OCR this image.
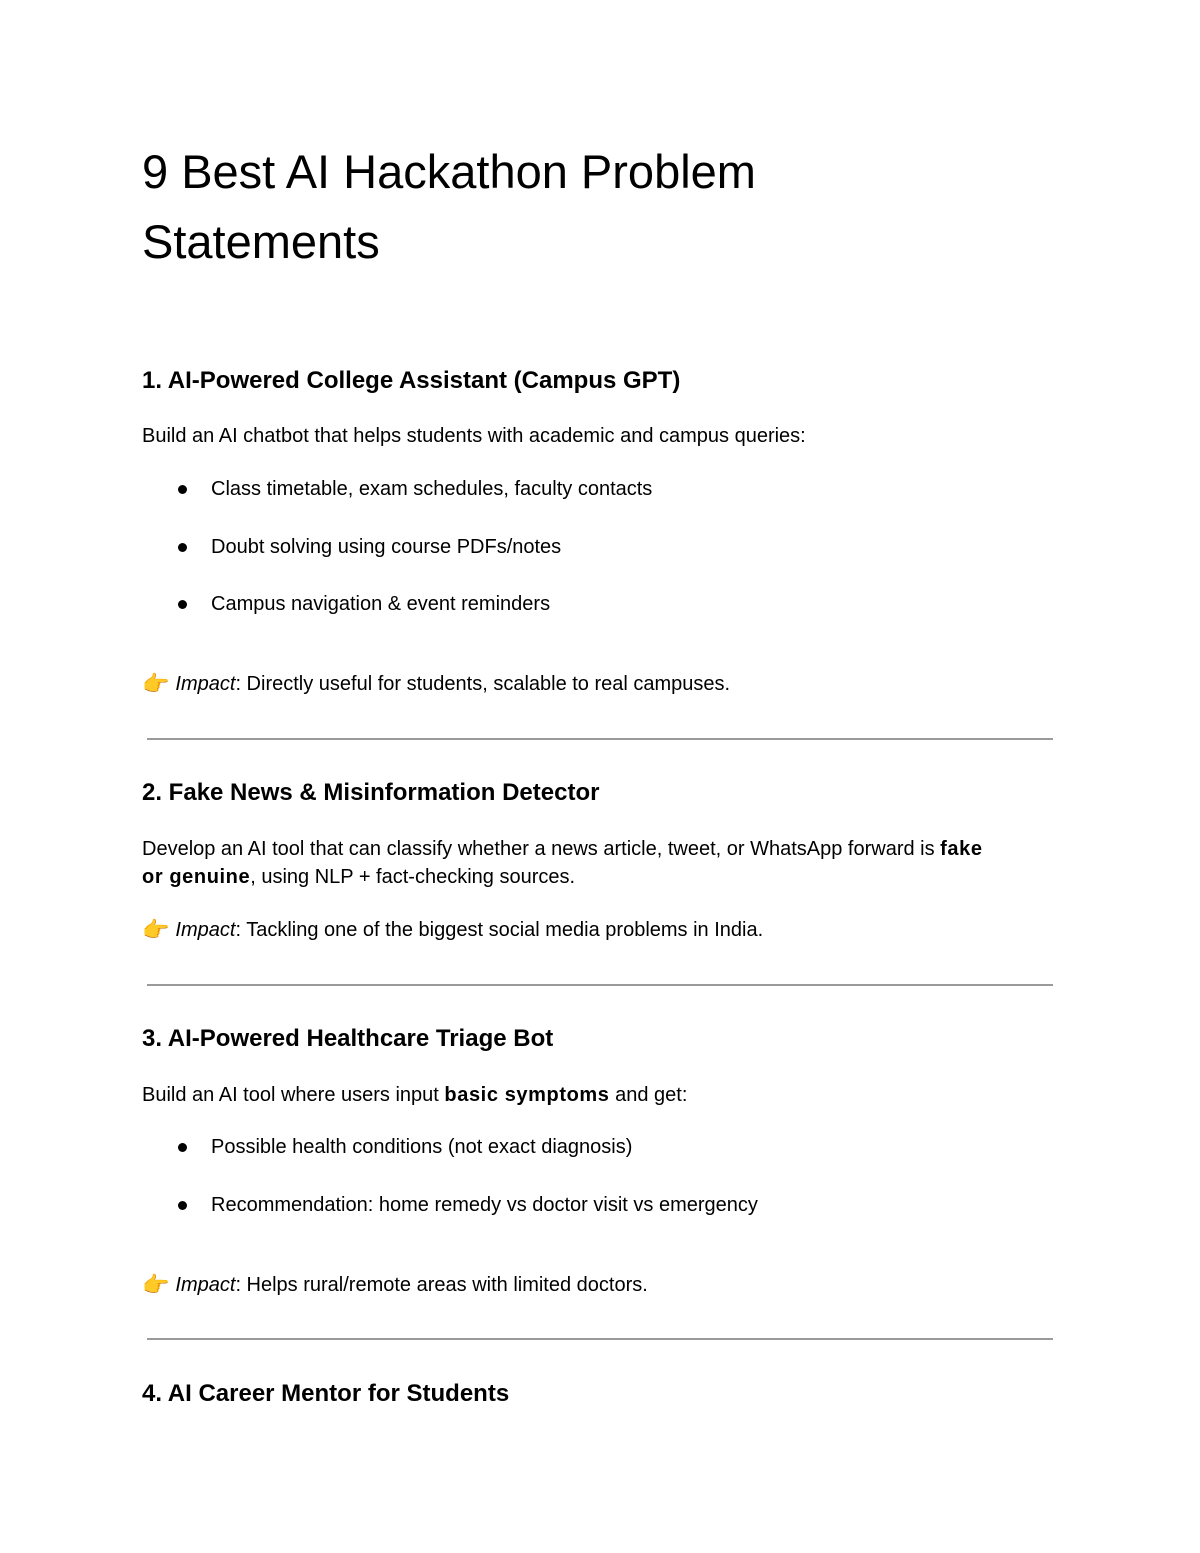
9 Best AI Hackathon Problem
Statements
1. AI-Powered College Assistant (Campus GPT)

Build an AI chatbot that helps students with academic and campus queries:

Class timetable, exam schedules, faculty contacts
Doubt solving using course PDFs/notes
Campus navigation & event reminders

👉 Impact: Directly useful for students, scalable to real campuses.

2. Fake News & Misinformation Detector

Develop an AI tool that can classify whether a news article, tweet, or WhatsApp forward is fake

or genuine, using NLP + fact-checking sources.

👉 Impact: Tackling one of the biggest social media problems in India.

3. AI-Powered Healthcare Triage Bot

Build an AI tool where users input basic symptoms and get:

Possible health conditions (not exact diagnosis)
Recommendation: home remedy vs doctor visit vs emergency

👉 Impact: Helps rural/remote areas with limited doctors.

4. AI Career Mentor for Students
